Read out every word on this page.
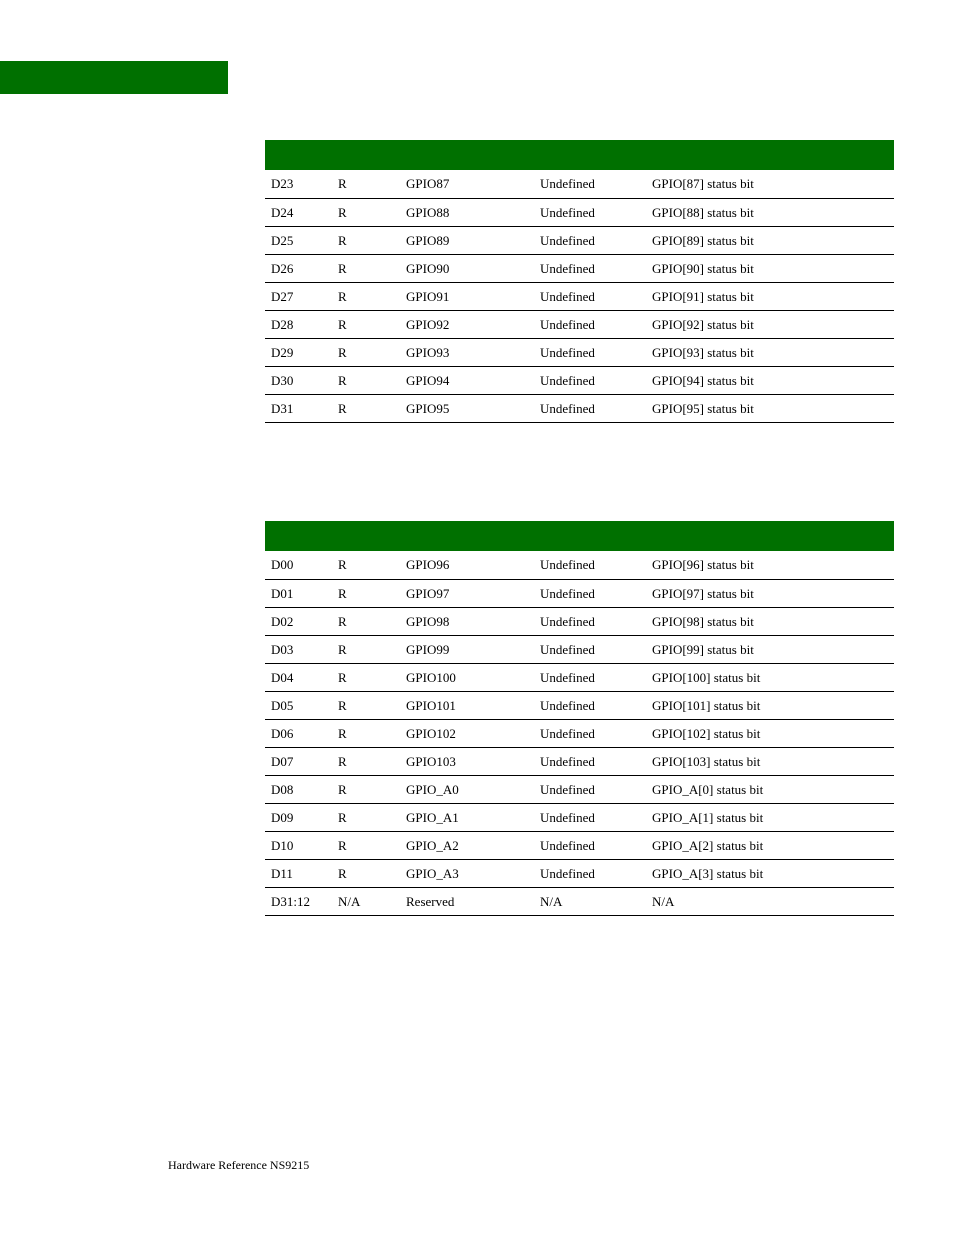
D23	R	GPIO87	Undefined	GPIO[87] status bit
D24	R	GPIO88	Undefined	GPIO[88] status bit
D25	R	GPIO89	Undefined	GPIO[89] status bit
D26	R	GPIO90	Undefined	GPIO[90] status bit
D27	R	GPIO91	Undefined	GPIO[91] status bit
D28	R	GPIO92	Undefined	GPIO[92] status bit
D29	R	GPIO93	Undefined	GPIO[93] status bit
D30	R	GPIO94	Undefined	GPIO[94] status bit
D31	R	GPIO95	Undefined	GPIO[95] status bit

D00	R	GPIO96	Undefined	GPIO[96] status bit
D01	R	GPIO97	Undefined	GPIO[97] status bit
D02	R	GPIO98	Undefined	GPIO[98] status bit
D03	R	GPIO99	Undefined	GPIO[99] status bit
D04	R	GPIO100	Undefined	GPIO[100] status bit
D05	R	GPIO101	Undefined	GPIO[101] status bit
D06	R	GPIO102	Undefined	GPIO[102] status bit
D07	R	GPIO103	Undefined	GPIO[103] status bit
D08	R	GPIO_A0	Undefined	GPIO_A[0] status bit
D09	R	GPIO_A1	Undefined	GPIO_A[1] status bit
D10	R	GPIO_A2	Undefined	GPIO_A[2] status bit
D11	R	GPIO_A3	Undefined	GPIO_A[3] status bit
D31:12	N/A	Reserved	N/A	N/A
Hardware Reference NS9215
